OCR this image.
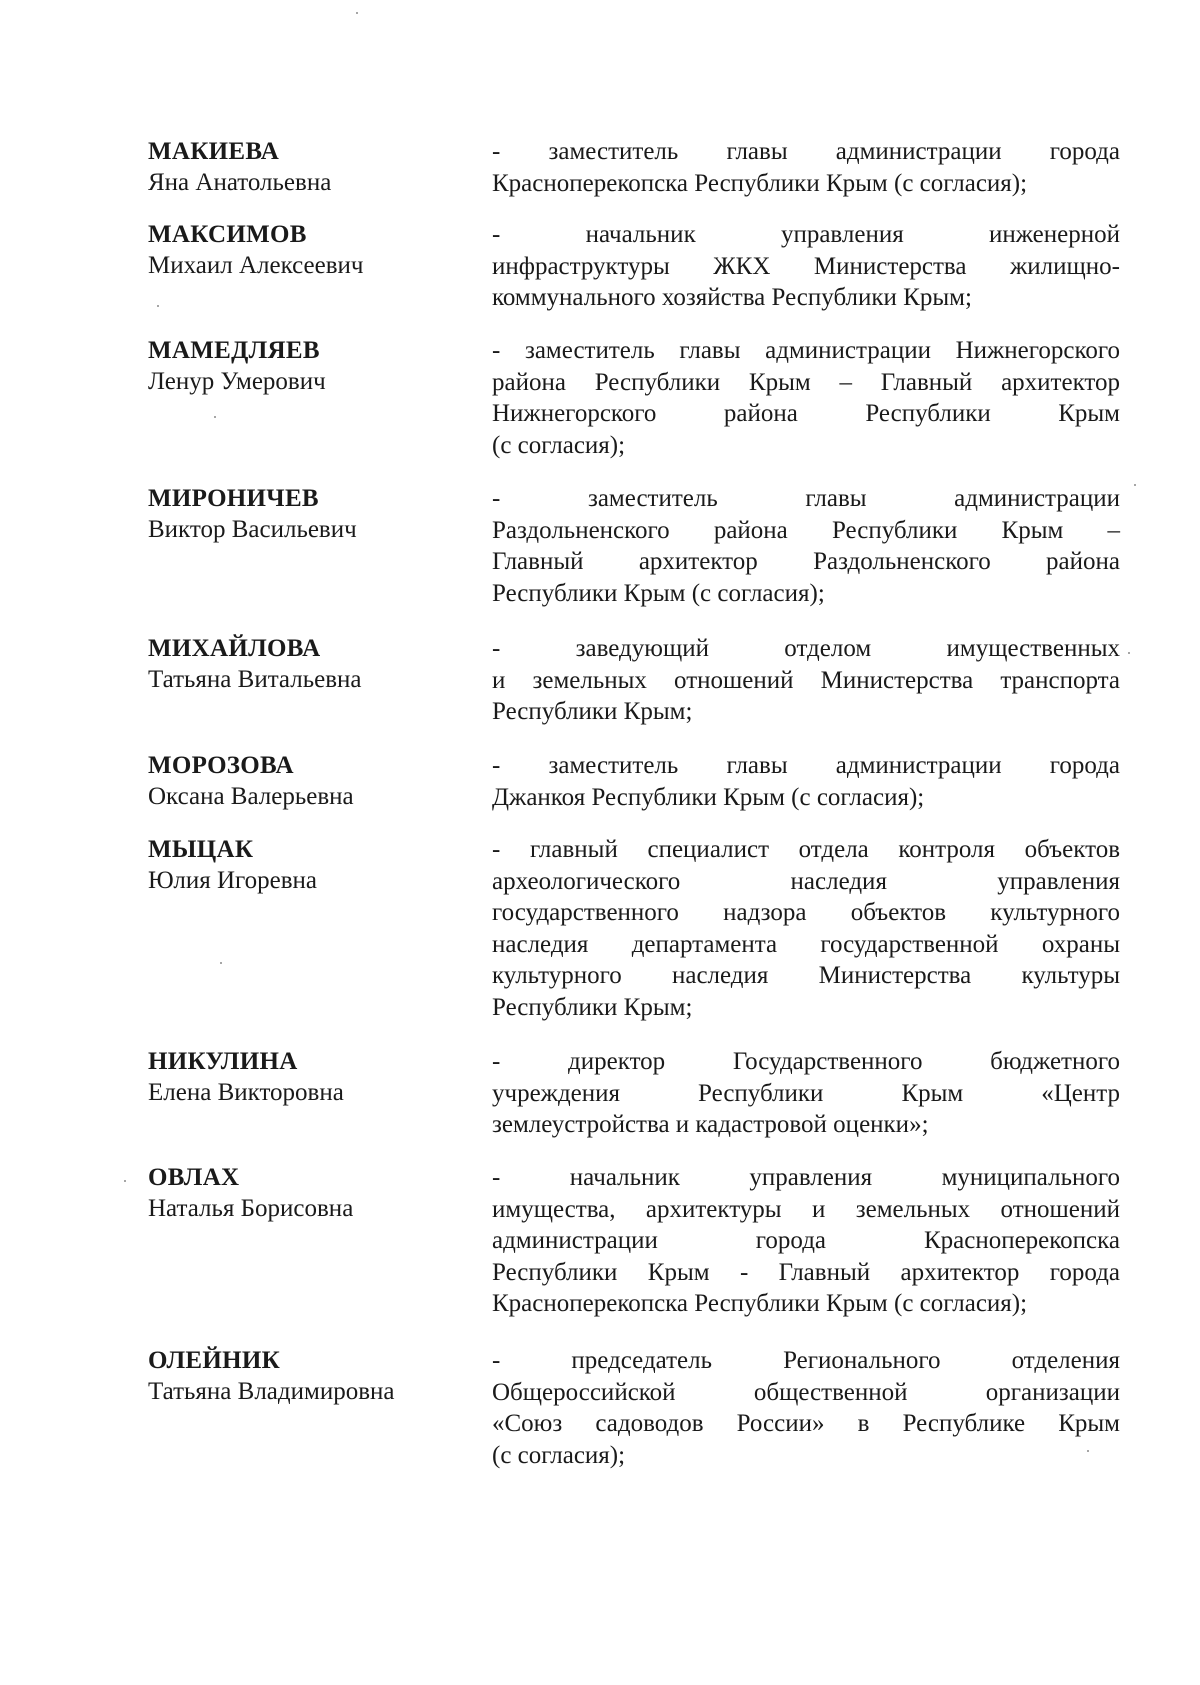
МАКИЕВА
Яна Анатольевна
- заместитель главы администрации города
Красноперекопска Республики Крым (с согласия);
МАКСИМОВ
Михаил Алексеевич
- начальник управления инженерной
инфраструктуры ЖКХ Министерства жилищно-
коммунального хозяйства Республики Крым;
МАМЕДЛЯЕВ
Ленур Умерович
- заместитель главы администрации Нижнегорского
района Республики Крым – Главный архитектор
Нижнегорского района Республики Крым
(с согласия);
МИРОНИЧЕВ
Виктор Васильевич
- заместитель главы администрации
Раздольненского района Республики Крым –
Главный архитектор Раздольненского района
Республики Крым (с согласия);
МИХАЙЛОВА
Татьяна Витальевна
- заведующий отделом имущественных
и земельных отношений Министерства транспорта
Республики Крым;
МОРОЗОВА
Оксана Валерьевна
- заместитель главы администрации города
Джанкоя Республики Крым (с согласия);
МЫЦАК
Юлия Игоревна
- главный специалист отдела контроля объектов
археологического наследия управления
государственного надзора объектов культурного
наследия департамента государственной охраны
культурного наследия Министерства культуры
Республики Крым;
НИКУЛИНА
Елена Викторовна
- директор Государственного бюджетного
учреждения Республики Крым «Центр
землеустройства и кадастровой оценки»;
ОВЛАХ
Наталья Борисовна
- начальник управления муниципального
имущества, архитектуры и земельных отношений
администрации города Красноперекопска
Республики Крым - Главный архитектор города
Красноперекопска Республики Крым (с согласия);
ОЛЕЙНИК
Татьяна Владимировна
- председатель Регионального отделения
Общероссийской общественной организации
«Союз садоводов России» в Республике Крым
(с согласия);
